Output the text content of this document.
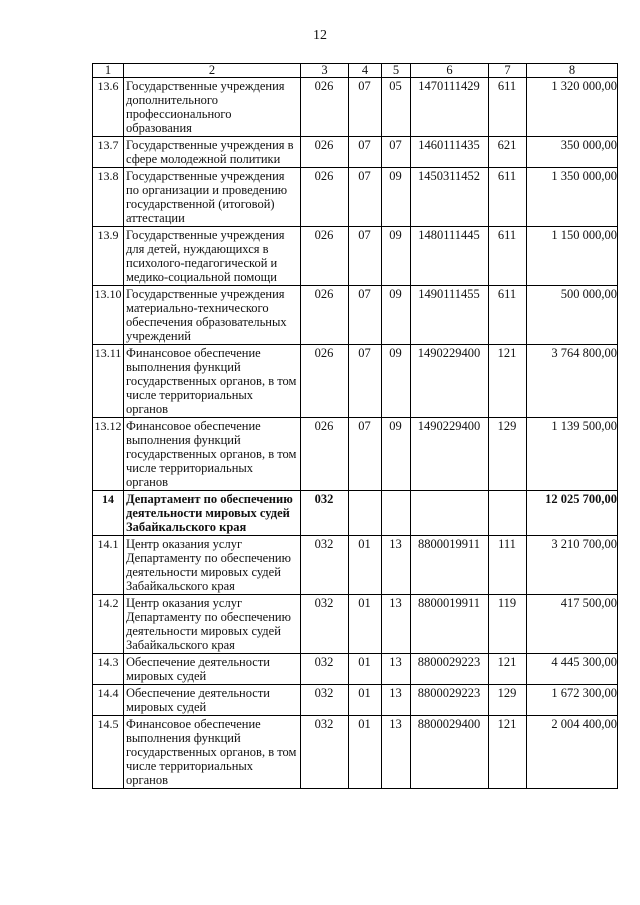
12
1	2	3	4	5	6	7	8
13.6	Государственные учреждения дополнительного профессионального образования	026	07	05	1470111429	611	1 320 000,00
13.7	Государственные учреждения в сфере молодежной политики	026	07	07	1460111435	621	350 000,00
13.8	Государственные учреждения по организации и проведению государственной (итоговой) аттестации	026	07	09	1450311452	611	1 350 000,00
13.9	Государственные учреждения для детей, нуждающихся в психолого-педагогической и медико-социальной помощи	026	07	09	1480111445	611	1 150 000,00
13.10	Государственные учреждения материально-технического обеспечения образовательных учреждений	026	07	09	1490111455	611	500 000,00
13.11	Финансовое обеспечение выполнения функций государственных органов, в том числе территориальных органов	026	07	09	1490229400	121	3 764 800,00
13.12	Финансовое обеспечение выполнения функций государственных органов, в том числе территориальных органов	026	07	09	1490229400	129	1 139 500,00
14	Департамент по обеспечению деятельности мировых судей Забайкальского края	032					12 025 700,00
14.1	Центр оказания услуг Департаменту по обеспечению деятельности мировых судей Забайкальского края	032	01	13	8800019911	111	3 210 700,00
14.2	Центр оказания услуг Департаменту по обеспечению деятельности мировых судей Забайкальского края	032	01	13	8800019911	119	417 500,00
14.3	Обеспечение деятельности мировых судей	032	01	13	8800029223	121	4 445 300,00
14.4	Обеспечение деятельности мировых судей	032	01	13	8800029223	129	1 672 300,00
14.5	Финансовое обеспечение выполнения функций государственных органов, в том числе территориальных органов	032	01	13	8800029400	121	2 004 400,00
